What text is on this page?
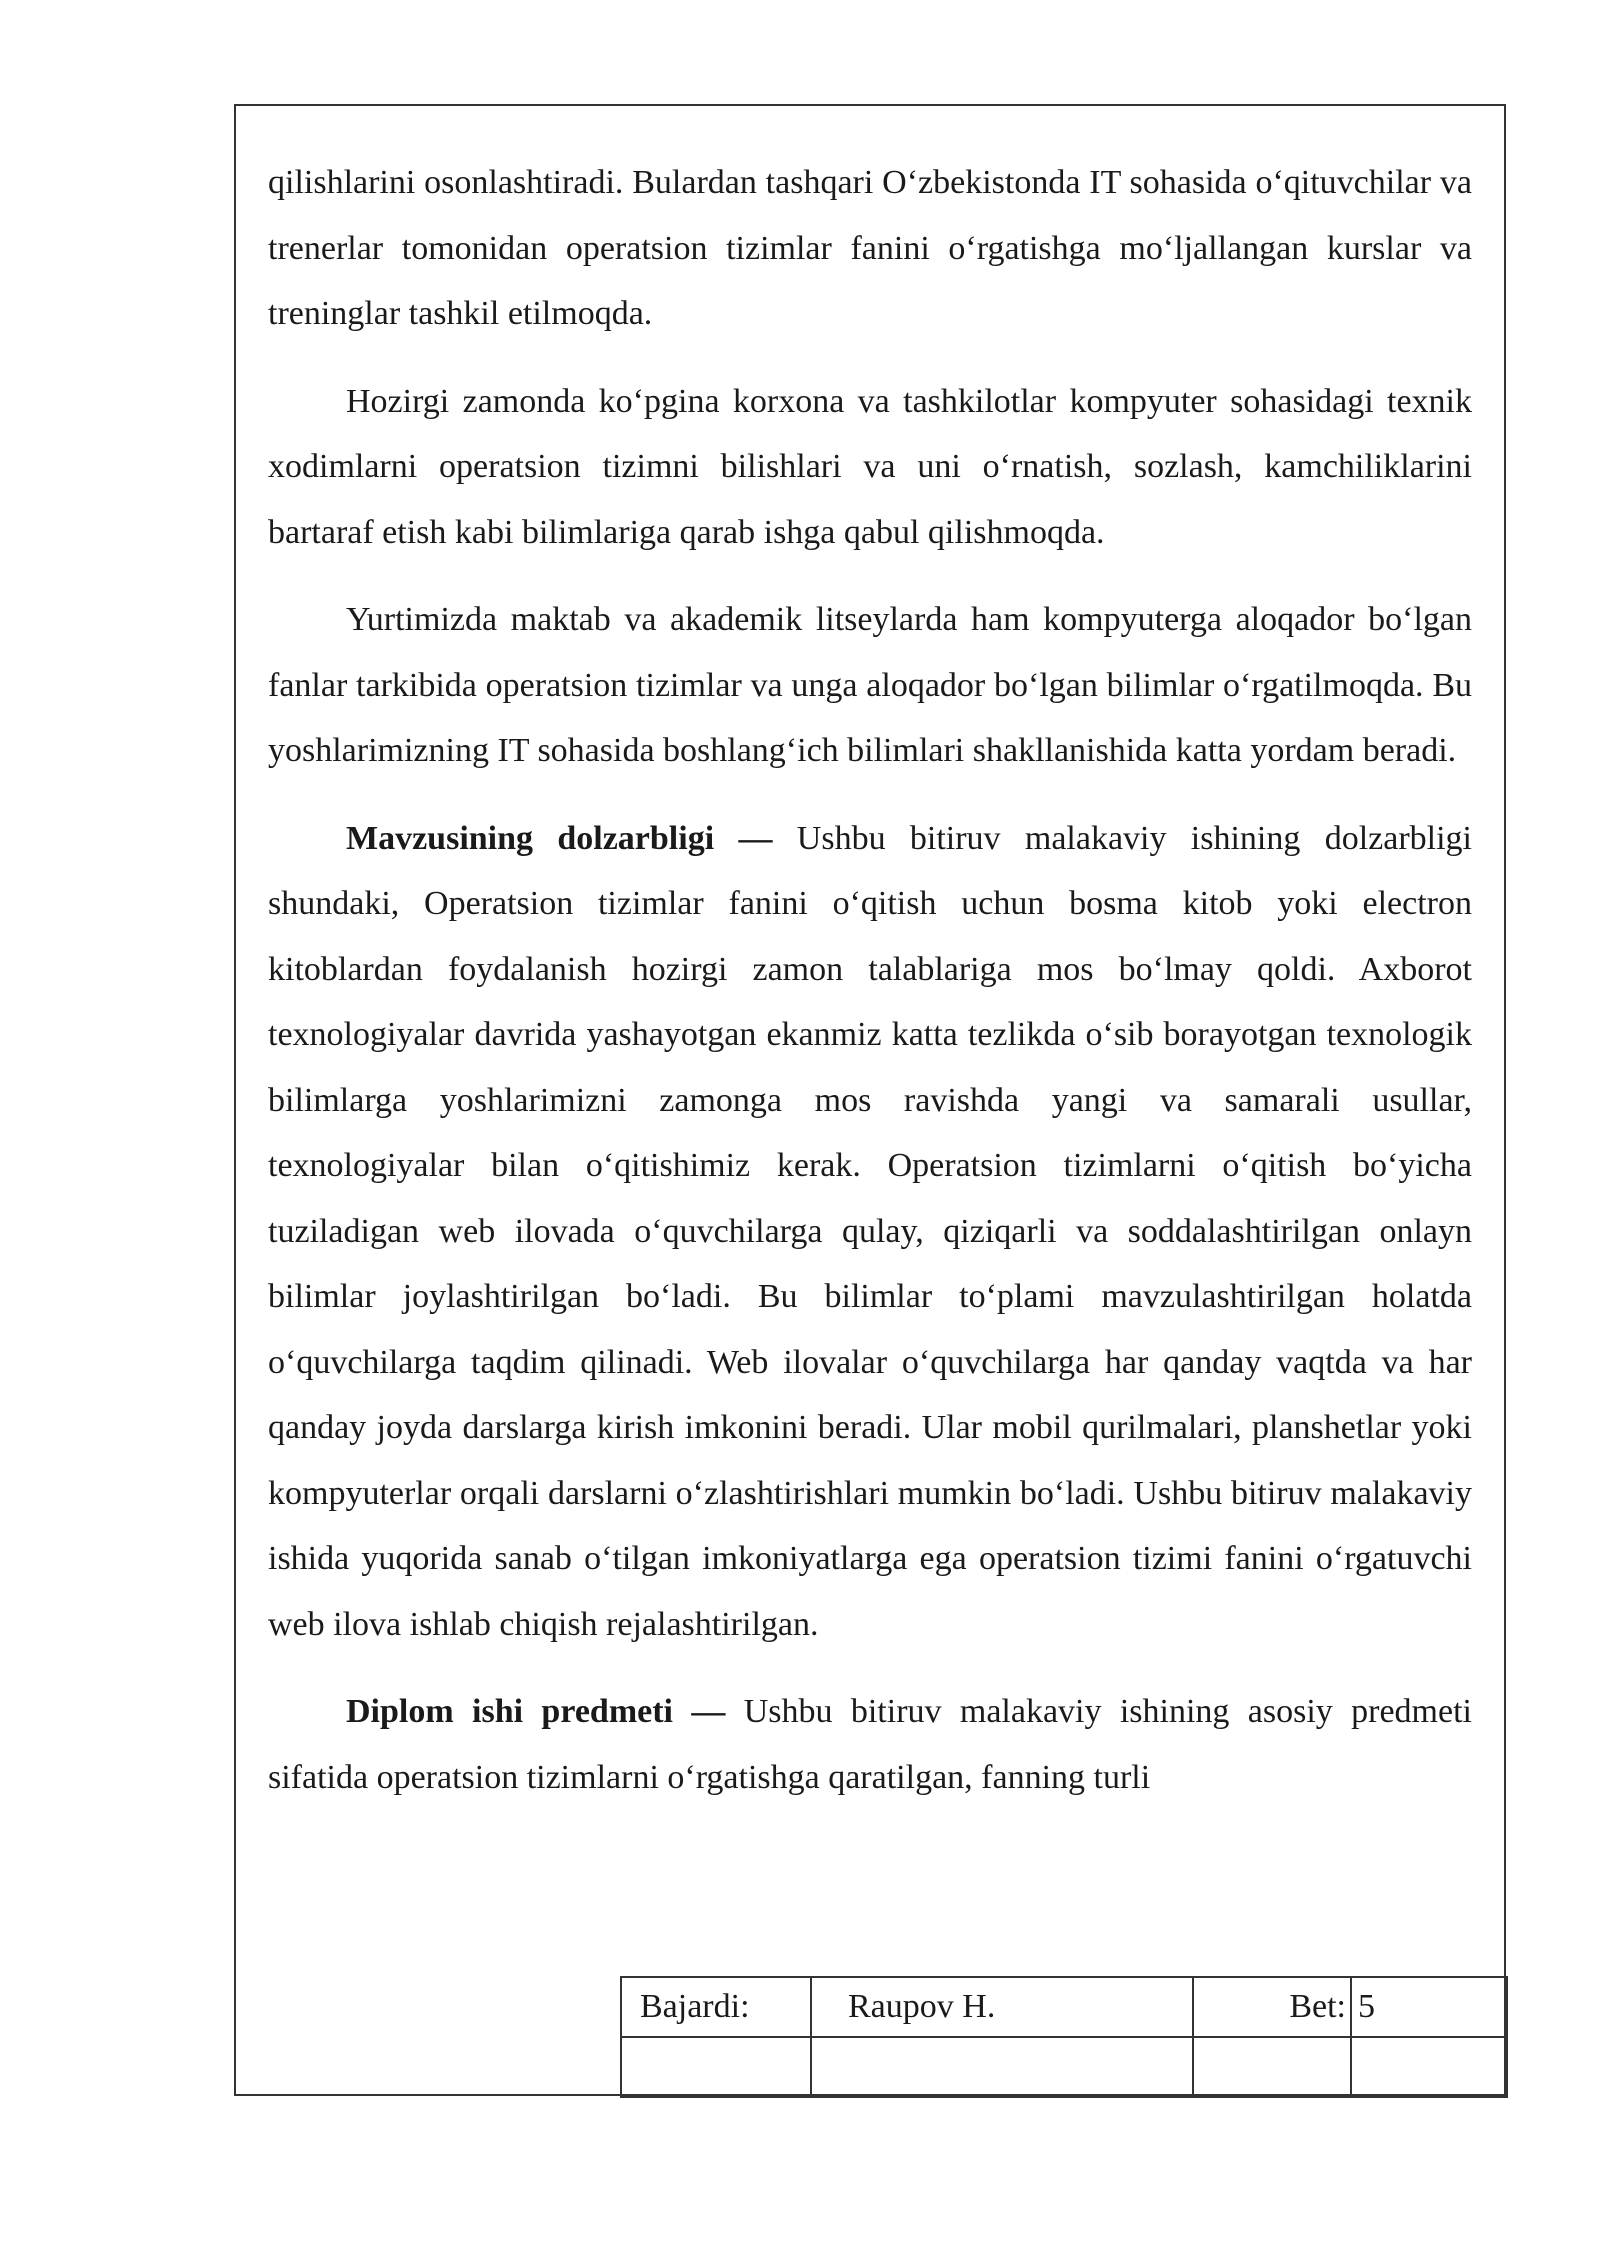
qilishlarini osonlashtiradi. Bulardan tashqari O‘zbekistonda IT sohasida o‘qituvchilar va trenerlar tomonidan operatsion tizimlar fanini o‘rgatishga mo‘ljallangan kurslar va treninglar tashkil etilmoqda.

Hozirgi zamonda ko‘pgina korxona va tashkilotlar kompyuter sohasidagi texnik xodimlarni operatsion tizimni bilishlari va uni o‘rnatish, sozlash, kamchiliklarini bartaraf etish kabi bilimlariga qarab ishga qabul qilishmoqda.

Yurtimizda maktab va akademik litseylarda ham kompyuterga aloqador bo‘lgan fanlar tarkibida operatsion tizimlar va unga aloqador bo‘lgan bilimlar o‘rgatilmoqda. Bu yoshlarimizning IT sohasida boshlang‘ich bilimlari shakllanishida katta yordam beradi.

Mavzusining dolzarbligi — Ushbu bitiruv malakaviy ishining dolzarbligi shundaki, Operatsion tizimlar fanini o‘qitish uchun bosma kitob yoki electron kitoblardan foydalanish hozirgi zamon talablariga mos bo‘lmay qoldi. Axborot texnologiyalar davrida yashayotgan ekanmiz katta tezlikda o‘sib borayotgan texnologik bilimlarga yoshlarimizni zamonga mos ravishda yangi va samarali usullar, texnologiyalar bilan o‘qitishimiz kerak. Operatsion tizimlarni o‘qitish bo‘yicha tuziladigan web ilovada o‘quvchilarga qulay, qiziqarli va soddalashtirilgan onlayn bilimlar joylashtirilgan bo‘ladi. Bu bilimlar to‘plami mavzulashtirilgan holatda o‘quvchilarga taqdim qilinadi. Web ilovalar o‘quvchilarga har qanday vaqtda va har qanday joyda darslarga kirish imkonini beradi. Ular mobil qurilmalari, planshetlar yoki kompyuterlar orqali darslarni o‘zlashtirishlari mumkin bo‘ladi. Ushbu bitiruv malakaviy ishida yuqorida sanab o‘tilgan imkoniyatlarga ega operatsion tizimi fanini o‘rgatuvchi web ilova ishlab chiqish rejalashtirilgan.

Diplom ishi predmeti — Ushbu bitiruv malakaviy ishining asosiy predmeti sifatida operatsion tizimlarni o‘rgatishga qaratilgan, fanning turli

Bajardi:	Raupov H.	Bet:	5
